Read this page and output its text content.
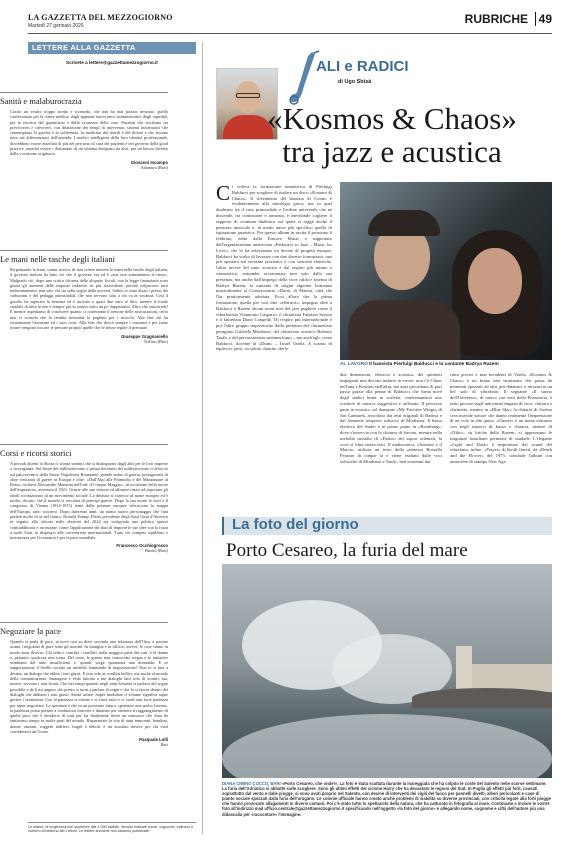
LA GAZZETTA DEL MEZZOGIORNO
Martedì 27 gennaio 2026	RUBRICHE 49
LETTERE ALLA GAZZETTA
Scrivete a lettere@gazzettamezzogiorno.it
Sanità e malaburocrazia
Cucito un vestito troppo stretto e scomodo, che non ha mai portato nessuno, quello confezionato per la classe medica, dagli apparati burocratico amministrativi degli ospedali, per la retorica del garantismo e della sicurezza delle cure. Pazienti che rischiano tra previcoveri e rinvoveri, con dilatazione dei tempi di intervento, sistemi informatici che contemplano la gravità e la sofferenza, la medicina dei ritardi e del dolore e che bosano tutto sul differenziarsi dell'azienda. I medici intelligenti della loro identità professionale, dovrebbero essere assediati di più nel percorso di cura dei pazienti e nel governo della good practice, anziché essere i destinatari di un sistema disegnato da altri, per un lavoro diverso dalla vocazione originaria.
Giovanni Incampo
Altamura (Bari)
Le mani nelle tasche degli italiani
Perpetuando la frase, ormai storica, di non volere mettere le mani nelle tasche degli italiani, il governo meloni ha fatto ciò che il governo era ed è «stat non aumentiamo le tasse». Malgrado ciò, dopo una critica riforma delle aliquote fiscali, con la legge finanziaria sono giunti gli aumenti delle imposte indirette, in più sbrividente, perché colpiscono tutti indistintamente, non solo chi sta sulla soglia della povertà. Subito si sono alzati i prezzi dei carburanti e del pedaggi autostradali, che non servono solo a chi va in vacanza. Così il gasolio ha superato la benzina ed è arrivato a quasi due euro al litro, mentre il fondo stradale di tutta la rete è sempre più in cattivo stato un po' dappertutto. Altro che autostrade! E mentre aspettiamo di conoscere quanto ci costeranno il trenone delle assicurazioni, certo non ci consola che la rendita invernale la paghino per i ritocchi. Alla fine chi ha sicuramente l'aumento ed i suoi costi. Alla fine che dovrà sempre i consumi è per farne fronte vengono toccate le persone proprio quelle che le stesse regole il premiate.
Giuseppe Gragnaniello
Terlizzi (Bari)
Corsi e ricorsi storici
A periodi alterni la Storia ci sforna uomini che si distinguono dagli altri per le loro imprese o stravaganze. Sul finire del millesettecento e primo decennio del milleottocento si affacciò sul palcoscenico della Storia Napoleone Bonaparte, grande uomo di guerra, protagonista di oltre vent'anni di guerre in Europa e oltre. «Dall'Alpi alle Piramidi» e del Manzanarre al Reno» recitava Alessandro Manzoni nell'ode «Il cinque Maggio», in occasione della morte dell'imperatore, avvenuta il 1821. Grazie alle sue vittorie ed alleanze rinacì ad esportare gli ideali rivoluzionari di un movimento sociale. La dinastia si conosce al nome europeo ed è molto, dicono, che il mondo si racconta di principi guerre. Dopo la sua morte le sorti e il congresso di Vienna (1814-1815) tentò dalla potenze europee riferiscono la mappa dell'Europa, tutto scorsero. Dopo duecento anni, un uomo nuovo personaggio che farà parlare molto di sé nel futuro: Donald Trump. Eletto presidente degli Stati Uniti d'America in seguito alla vittoria nelle elezioni del 2024 sta svolgendo una politica spesso contraddittoria e incostante, come l'applicazione dei dazi di imporre le sue idee con la forza a molti Stati, in dispregio alle convenzioni internazionali. Tutto ciò compete squilibrio e insicurezza per l'economia e per la pace mondiale.
Francesco Occhiogrosso
Bitetto (Bari)
Negoziare la pace
Quando si parla di pace, in nove casi su dieci secondo una relazione dell'Onu, a portare avanti i negoziati di pace sono gli uomini. In famiglia e in ufficio, invece, le cose vanno in modo assai diverso. Chi sedu e concilia i conflitti, nella maggior parte dei casi, è la donna e, pertanto, qualcosa non torna. Del resto, le guerre non conoscono tregua e le trattative sembrano del tutto insufficienti e, quindi, sorge spontanea una domanda: E se supportassimo il livello sociale un modello femminile di negoziazione? Non lo si farà a destino un dialogo che abbia i toni giusti. E non solo ai conflitti bellici, ma anche al mondo della comunicazione. Immagino e vedo intorno a me dialoghi fatti solo di scontri, ma, invece, servono i non-fronti. Che bei tempi quando negli anni Settanta si parlava del sogno possibile e da lì mi auguro che presto si torni a parlare di sogni e che lo si faccia dentro dei dialoghi che abbiano i toni giusti. Senza urlare. Saper modulare il volume significa saper gestire i sentimenti. Con la pazienza si ottiene e si vince tutto e ci vuole una forte pazienza per saper negoziare. La speranza è che in un prossimo futuro, speriamo non molto lontano, la pazienza possa portare a risoluzioni concrete e durature per ottenere il raggiungimento di quella pace che è desiderio di tutti per far finalmente finire un massacro che dura da tantissimo tempo in molte parti del mondo. Risparmiare la vita di tanti innocenti, bambini, donne, anziani, soggetti indifesi, fragili e deboli, è un assoluto dovere per chi vuol considerarsi un Uomo.
Pasquale Lolli
Bari
Le lettere, di lunghezza non superiore alle 1.000 battute, devono indicare nome, cognome, indirizzo e numero di telefono del Lettore. Le lettere anonime non saranno pubblicate.
ALI e RADICI
di Ugo Sbisà
«Kosmos & Chaos»
tra jazz e acustica
Ci voleva la formazione umanistica di Pierluigi Balducci per scegliere di titolare un disco «Kosmos & Chaos». Il riferimento del bassista di Corato è evidentemente alla mitologia greca, ma in quel dualismo tra il caos primordiale e l'ordine universale che ne discende, tra confusione e armonia, è inevitabile cogliere il rapporto di continua dialettica sul quale si regge anche il pensiero musicale e, in modo ancor più specifico quello di ispirazione jazzistica. Per questo album in uscita il prossimo 6 febbraio, edito dalla Emcore Music e supportato dall'organizzazione americana «Pathways to Jazz – Music for Love», che lo ha selezionato tra decine di progetti europei, Balducci ha scelto di lavorare con due diverse formazioni, una più spostata sul versante jazzistico e con sonorità elettriche, l'altra invece del tutto acustica e dal respiro più intimo e cameristico, entrambe accomunate non solo dalla sua presenza, ma anche dall'impiego della voce calda e intensa di Badrya Razem, la cantante di origini algerine formatasi musicalmente al Conservatorio «Duni» di Matera, città che l'ha praticamente adottata. Ecco allora che la prima formazione, quella per così dire «elettrica», impegna oltre a Balducci e Razem alcuni nomi noti del jazz pugliese come il vibrafonista Vitantonio Gasparro, il chitarrista Fabrizio Savino e il batterista Dario Congedo. Di respiro più internazionale è poi l'altro gruppo impreziosito dalla presenza del clarinettista peruginio Gabriele Mirabassi, del chitarrista acustico Roberto Taufic e del percussionista sudamericano – ma anch'egli, come Balducci, docente al «Duni» – Israel Varela. A scanso di equivoci, però, va subito chiarito che le
AL LAVORO Il bassista Pierluigi Balducci e la cantante Badrya Razem
due dimensioni, elettrica e acustica, dei quintetti impegnati non devono indurre in errore: non c'è Chaos nell'una e Kosmos nell'altra, ma anzi procedono di pari passo grazie alla penna di Balducci che firma nove degli undici brani in scaletta, confermandosi uno scrittore di musica suggestivo e raffinato. Il percorso parte in acustico col danzante «My Favorite Wings» di Jan Garbarek, arricchito dai testi originali di Badrya e dal fremente trasporto solistico di Mirabassi. Il bassa elettrico del leader è in primo piano in «Breathing», dove s'intreccia con la chitarra di Savino, mentre nella melodia sussidio di «Fados» del sapori orientali, la voce si libra senza testi. Il malinconico «Antonio e il Marco» utilizza un testo della poetessa Rossella Pezzare di cinque ta e viene esaltato dalle voci solistiche di Mirabassi e Taufic, ben sostenuti dai
ritmi precisi e mai invadenti di Varela. «Kosmos & Chaos» è un brano ben strutturato che passa da momenti spezzati ad altri più dinamici e incornicia un bel solo di vibrafono. Il segnante «Il suono dell'Universo», di nuovo con testi della Pezzarotta, è tutto giocato sugli indovinati impasti di voce, chitarra e clarinetto, mentre in «Blue Sky» la chitarra di Savino crea movide sonore che danno realmente l'impressione di un volo in alta quota. «Ghoste» è un brano notturno con begli intrecci di basso e chitarra, mentre di «Nibo», su liriche della Razem, si apprezzano le fragranze brasiliane permeate di saudade. L'elegante «Light and Dark» è improntato dal sound del vibrafono; infine, «Prayer» di Keith Jarrett, da «Death and the Flower» del 1975, conclude l'album con atmosfere di stampo New Age.
La foto del giorno
Porto Cesareo, la furia del mare
DIANA CIMINO COCCO, BARI «Porto Cesareo, che onde!». La foto è stata scattata durante la mareggiata che ha colpito le coste del Salento nelle scorse settimane. La furia dell'Adriatico si abbatte sulle scogliere. Sono gli ultimi effetti del ciclone Harry che ha devastato le regioni del Sud. In Puglia gli effetti più forti, causati soprattutto dal vento e dalle piogge, si sono avuti proprio nel Salento, con decine di interventi dei vigili del fuoco per pannelli divelti, alberi pericolanti e case di pianto sociale spezzati dalla furia dell'uragano. Le colonie ufficiale hanno creato anche problemi di viabilità su diverse provinciali, con criticità legate alla forti piogge che hanno provocato allagamenti in diversi comuni. Poi c'è stato tutto lo spettacolo della natura, che ha catturato in fotografia al mare. Continuate a inviare le vostre foto all'indirizzo mail ufficio.centrale@gazzettamezzogiorno.it specificando nell'oggetto «la foto del giorno» e allegando nome, cognome e città dell'autore più una didascalia per «raccontare» l'immagine.
